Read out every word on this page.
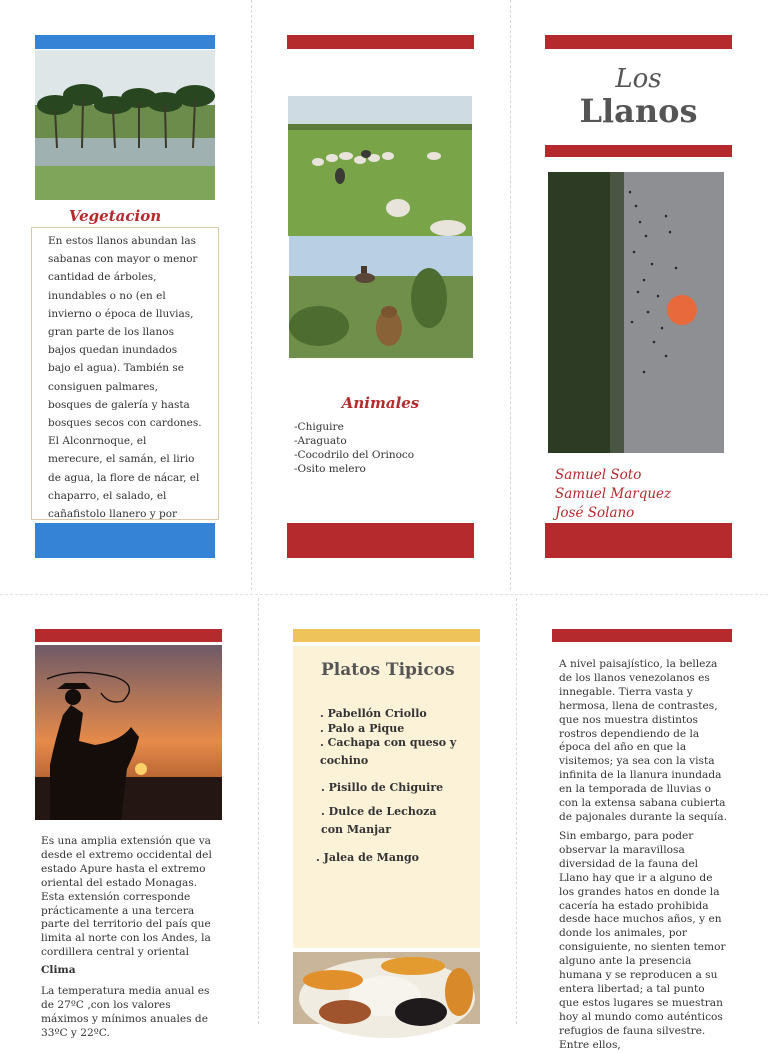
Vegetacion
En estos llanos abundan las sabanas con mayor o menor cantidad de árboles, inundables o no (en el invierno o época de lluvias, gran parte de los llanos bajos quedan inundados bajo el agua). También se consiguen palmares, bosques de galería y hasta bosques secos con cardones.
El Alconrnoque, el merecure, el samán, el lirio de agua, la flore de nácar, el chaparro, el salado, el cañafistolo llanero y por
Animales
-Chiguire
-Araguato
-Cocodrilo del Orinoco
-Osito melero
Los
Llanos
Samuel Soto
Samuel Marquez
José Solano
Es una amplia extensión que va desde el extremo occidental del estado Apure hasta el extremo oriental del estado Monagas. Esta extensión corresponde prácticamente a una tercera parte del territorio del país que limita al norte con los Andes, la cordillera central y oriental
Clima
La temperatura media anual es de 27ºC ,con los valores máximos y mínimos anuales de 33ºC y 22ºC.
Platos Tipicos
. Pabellón Criollo
. Palo a Pique
. Cachapa con queso y cochino
. Pisillo de Chiguire
. Dulce de Lechoza con Manjar
. Jalea de Mango
A nivel paisajístico, la belleza de los llanos venezolanos es innegable. Tierra vasta y hermosa, llena de contrastes, que nos muestra distintos rostros dependiendo de la época del año en que la visitemos; ya sea con la vista infinita de la llanura inundada en la temporada de lluvias o con la extensa sabana cubierta de pajonales durante la sequía.
Sin embargo, para poder observar la maravillosa diversidad de la fauna del Llano hay que ir a alguno de los grandes hatos en donde la cacería ha estado prohibida desde hace muchos años, y en donde los animales, por consiguiente, no sienten temor alguno ante la presencia humana y se reproducen a su entera libertad; a tal punto que estos lugares se muestran hoy al mundo como auténticos refugios de fauna silvestre. Entre ellos,
